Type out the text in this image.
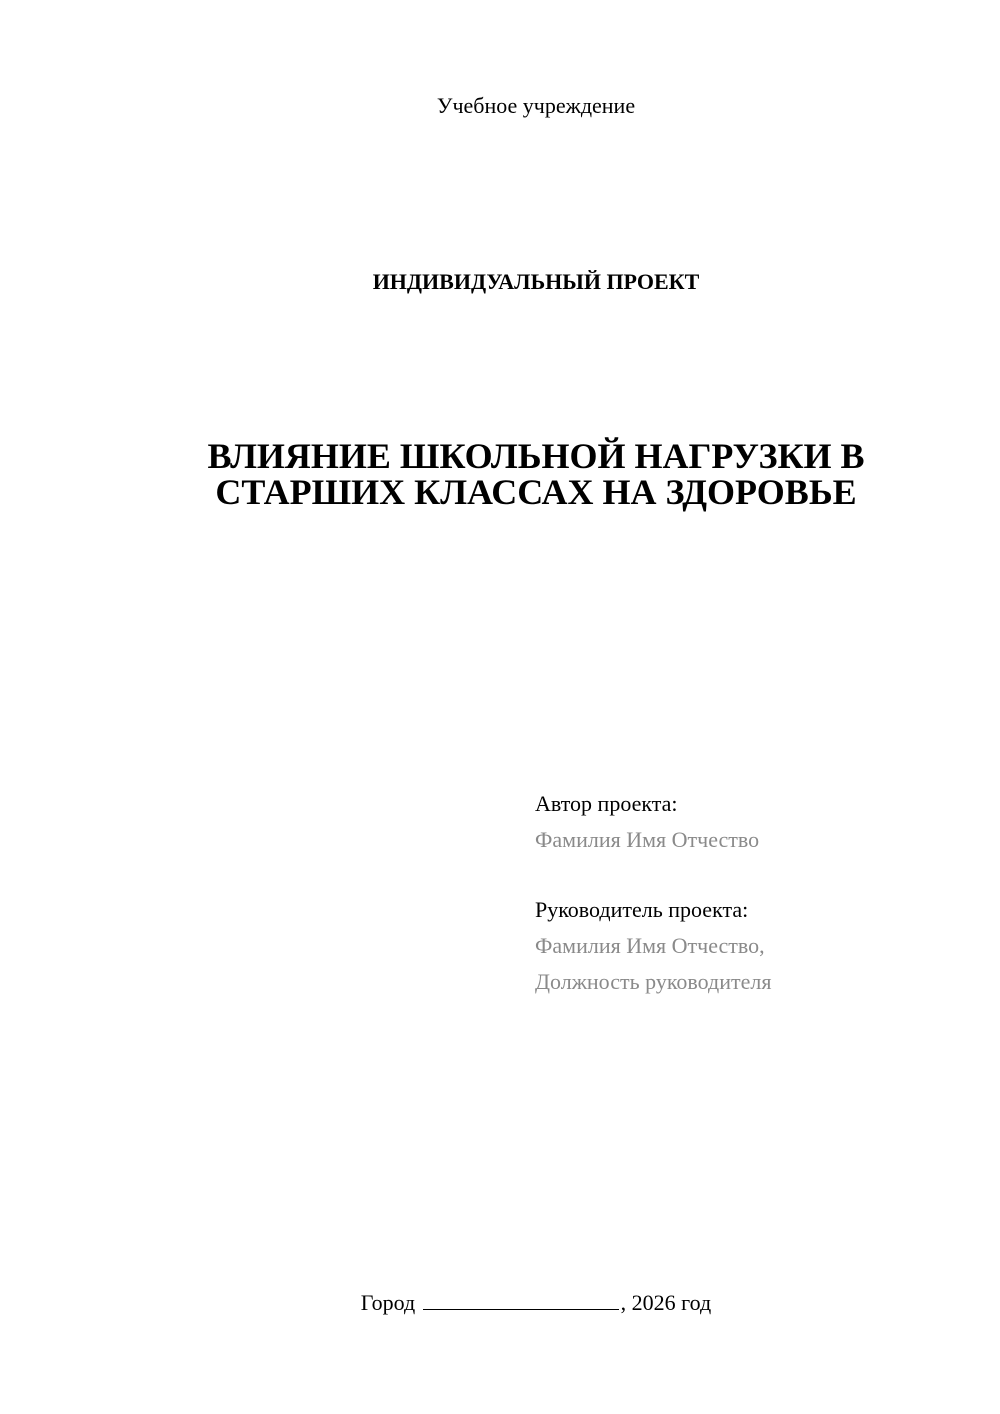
Учебное учреждение
ИНДИВИДУАЛЬНЫЙ ПРОЕКТ
ВЛИЯНИЕ ШКОЛЬНОЙ НАГРУЗКИ В
СТАРШИХ КЛАССАХ НА ЗДОРОВЬЕ
Автор проекта:
Фамилия Имя Отчество
Руководитель проекта:
Фамилия Имя Отчество,
Должность руководителя
Город	, 2026 год
